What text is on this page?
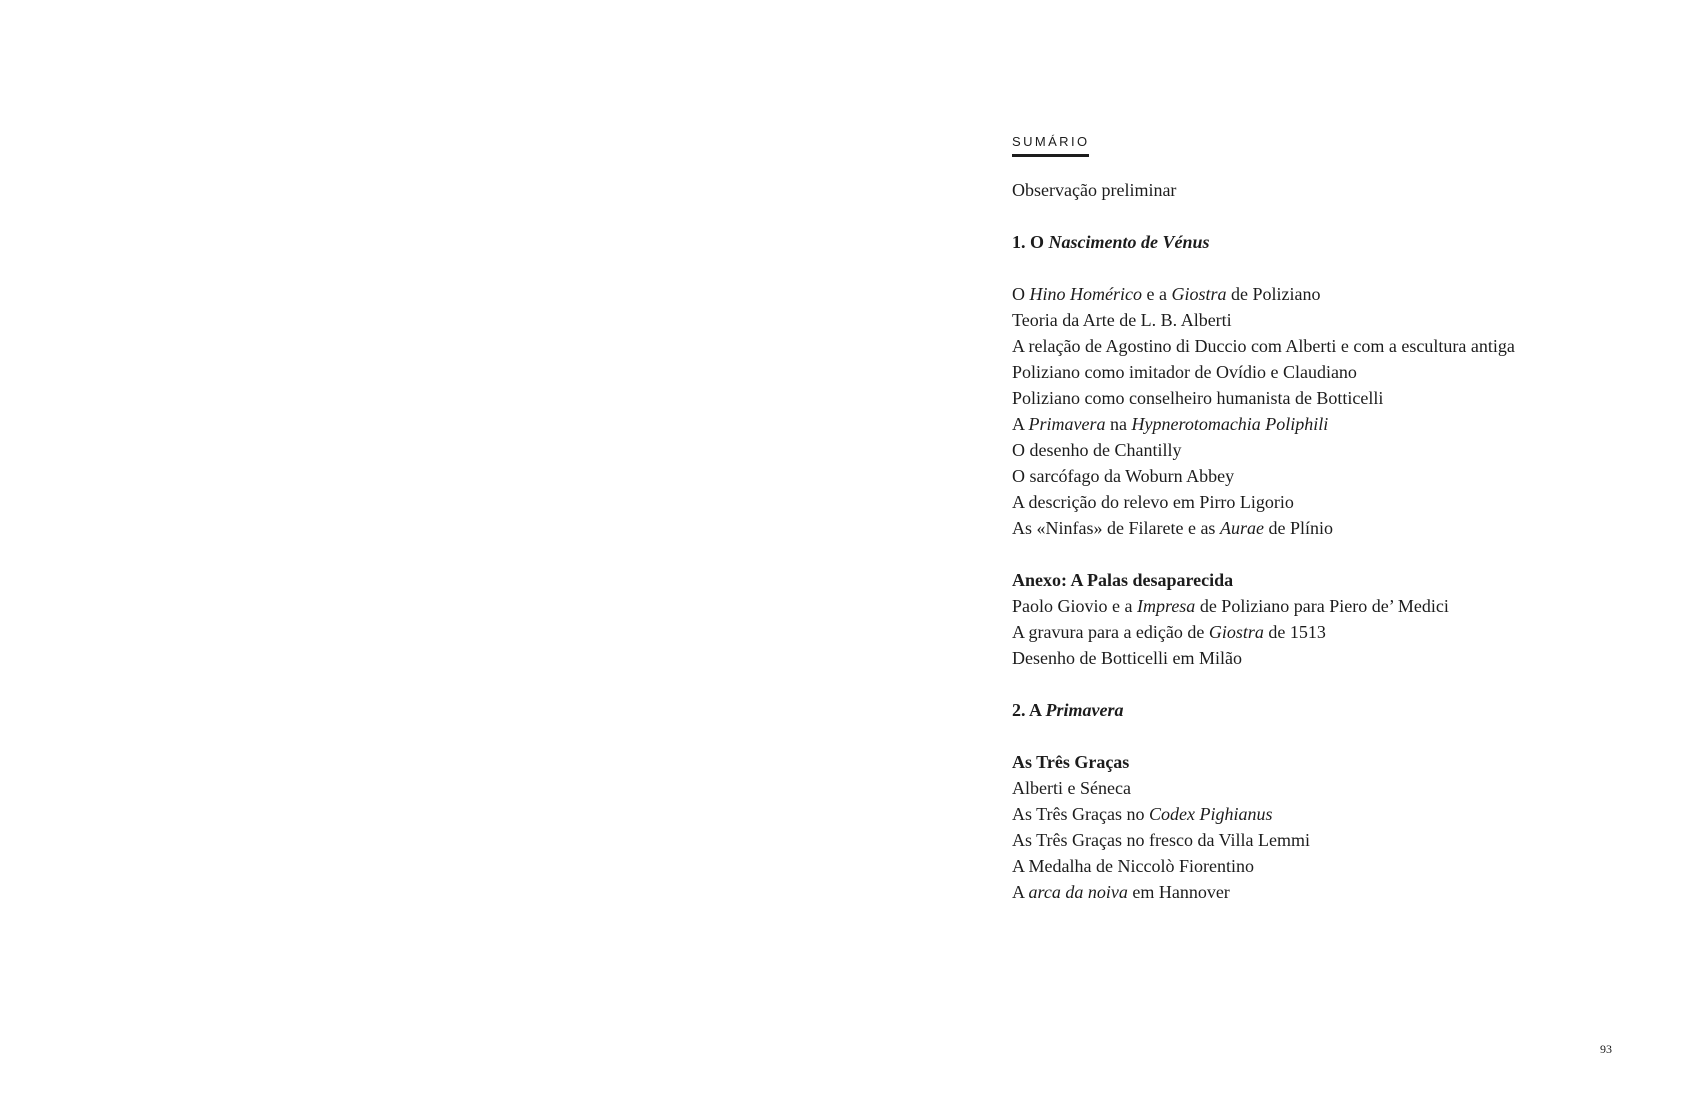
SUMÁRIO
Observação preliminar
1. O Nascimento de Vénus
O Hino Homérico e a Giostra de Poliziano
Teoria da Arte de L. B. Alberti
A relação de Agostino di Duccio com Alberti e com a escultura antiga
Poliziano como imitador de Ovídio e Claudiano
Poliziano como conselheiro humanista de Botticelli
A Primavera na Hypnerotomachia Poliphili
O desenho de Chantilly
O sarcófago da Woburn Abbey
A descrição do relevo em Pirro Ligorio
As «Ninfas» de Filarete e as Aurae de Plínio
Anexo: A Palas desaparecida
Paolo Giovio e a Impresa de Poliziano para Piero de’ Medici
A gravura para a edição de Giostra de 1513
Desenho de Botticelli em Milão
2. A Primavera
As Três Graças
Alberti e Séneca
As Três Graças no Codex Pighianus
As Três Graças no fresco da Villa Lemmi
A Medalha de Niccolò Fiorentino
A arca da noiva em Hannover
93
